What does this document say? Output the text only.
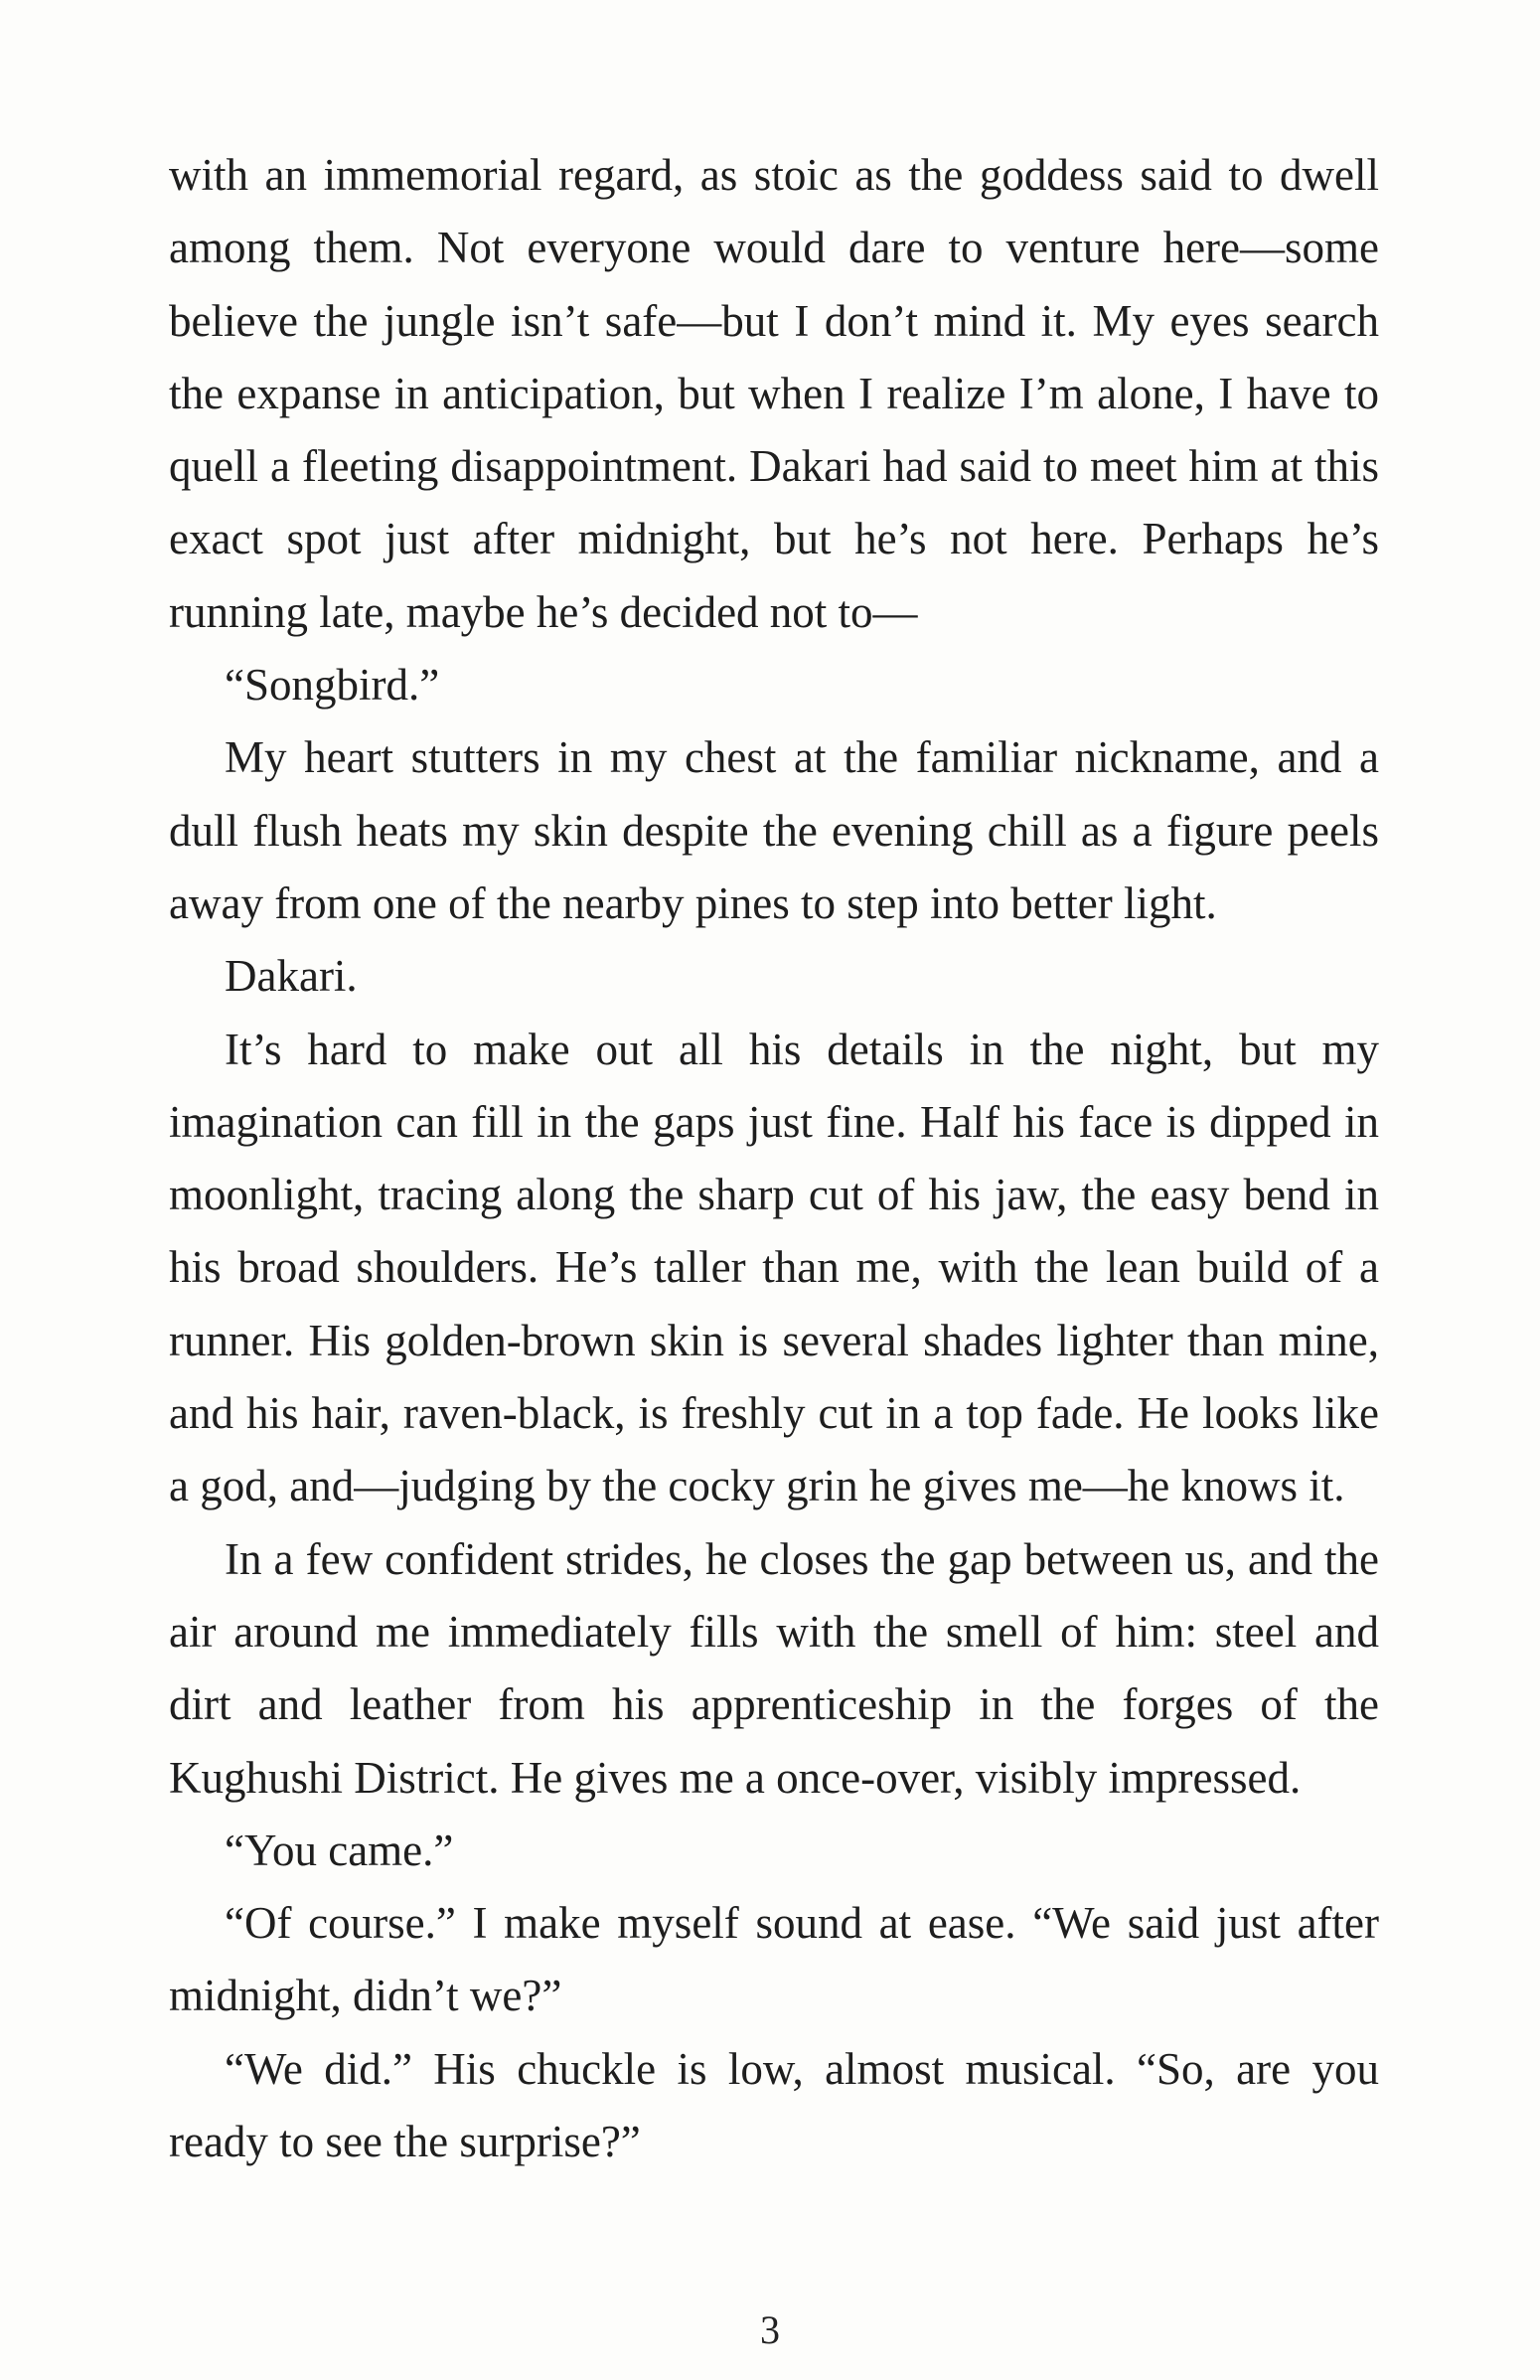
with an immemorial regard, as stoic as the goddess said to dwell among them. Not everyone would dare to venture here—some believe the jungle isn’t safe—but I don’t mind it. My eyes search the expanse in anticipation, but when I realize I’m alone, I have to quell a fleeting disappointment. Dakari had said to meet him at this exact spot just after midnight, but he’s not here. Perhaps he’s running late, maybe he’s decided not to—

“Songbird.”

My heart stutters in my chest at the familiar nickname, and a dull flush heats my skin despite the evening chill as a figure peels away from one of the nearby pines to step into better light.

Dakari.

It’s hard to make out all his details in the night, but my imagination can fill in the gaps just fine. Half his face is dipped in moonlight, tracing along the sharp cut of his jaw, the easy bend in his broad shoulders. He’s taller than me, with the lean build of a runner. His golden-brown skin is several shades lighter than mine, and his hair, raven-black, is freshly cut in a top fade. He looks like a god, and—judging by the cocky grin he gives me—he knows it.

In a few confident strides, he closes the gap between us, and the air around me immediately fills with the smell of him: steel and dirt and leather from his apprenticeship in the forges of the Kughushi District. He gives me a once-over, visibly impressed.

“You came.”

“Of course.” I make myself sound at ease. “We said just after midnight, didn’t we?”

“We did.” His chuckle is low, almost musical. “So, are you ready to see the surprise?”

3
